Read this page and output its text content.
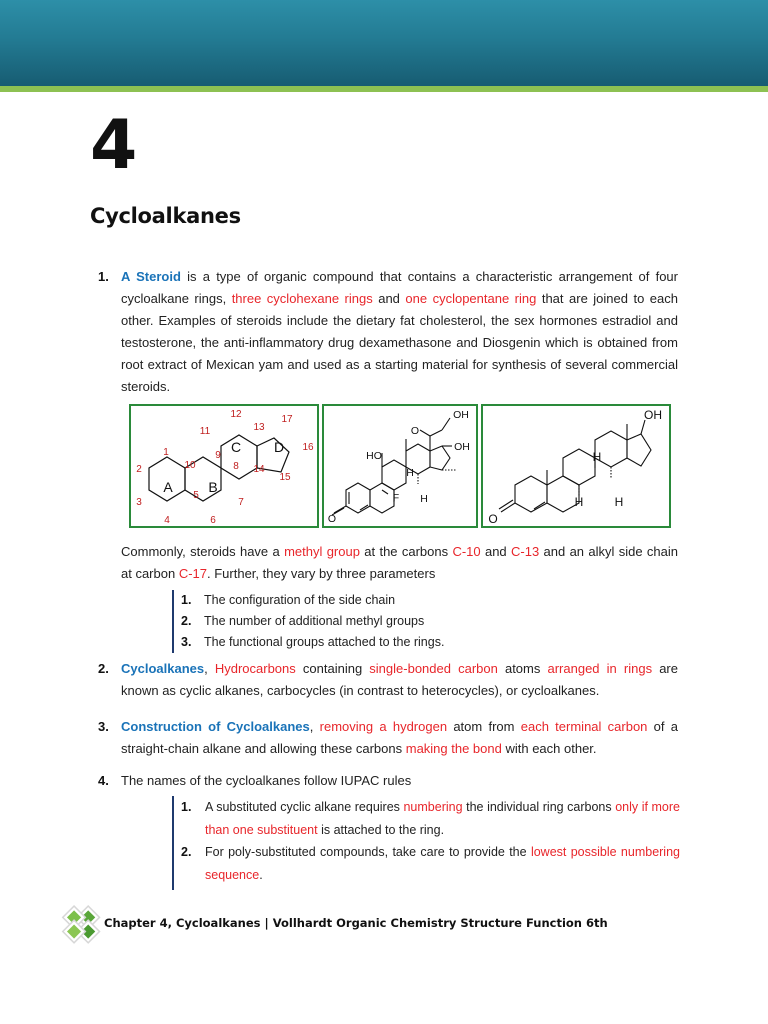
4
Cycloalkanes
1. A Steroid is a type of organic compound that contains a characteristic arrangement of four cycloalkane rings, three cyclohexane rings and one cyclopentane ring that are joined to each other. Examples of steroids include the dietary fat cholesterol, the sex hormones estradiol and testosterone, the anti-inflammatory drug dexamethasone and Diosgenin which is obtained from root extract of Mexican yam and used as a starting material for synthesis of several commercial steroids.
A	B
C D
1
2
3
4
5
6
7
8
9
10
11
12
13
14
15
16
17	OH
O
OH
HO
H
F H
O
OH
H
H	H
O
Commonly, steroids have a methyl group at the carbons C-10 and C-13 and an alkyl side chain at carbon C-17. Further, they vary by three parameters
1. The configuration of the side chain
2. The number of additional methyl groups
3. The functional groups attached to the rings.
2. Cycloalkanes, Hydrocarbons containing single-bonded carbon atoms arranged in rings are known as cyclic alkanes, carbocycles (in contrast to heterocycles), or cycloalkanes.
3. Construction of Cycloalkanes, removing a hydrogen atom from each terminal carbon of a straight-chain alkane and allowing these carbons making the bond with each other.
4. The names of the cycloalkanes follow IUPAC rules
1. A substituted cyclic alkane requires numbering the individual ring carbons only if more than one substituent is attached to the ring.
2. For poly-substituted compounds, take care to provide the lowest possible numbering sequence.
Chapter 4, Cycloalkanes | Vollhardt Organic Chemistry Structure Function 6th
